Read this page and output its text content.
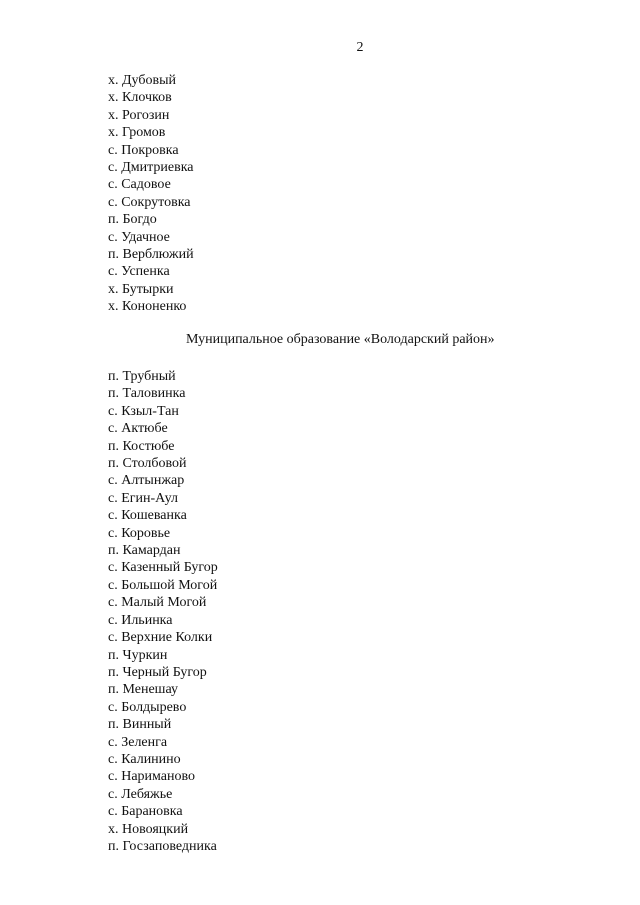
2
х. Дубовый
х. Клочков
х. Рогозин
х. Громов
с. Покровка
с. Дмитриевка
с. Садовое
с. Сокрутовка
п. Богдо
с. Удачное
п. Верблюжий
с. Успенка
х. Бутырки
х. Кононенко
Муниципальное образование «Володарский район»
п. Трубный
п. Таловинка
с. Кзыл-Тан
с. Актюбе
п. Костюбе
п. Столбовой
с. Алтынжар
с. Егин-Аул
с. Кошеванка
с. Коровье
п. Камардан
с. Казенный Бугор
с. Большой Могой
с. Малый Могой
с. Ильинка
с. Верхние Колки
п. Чуркин
п. Черный Бугор
п. Менешау
с. Болдырево
п. Винный
с. Зеленга
с. Калинино
с. Нариманово
с. Лебяжье
с. Барановка
х. Новояцкий
п. Госзаповедника
